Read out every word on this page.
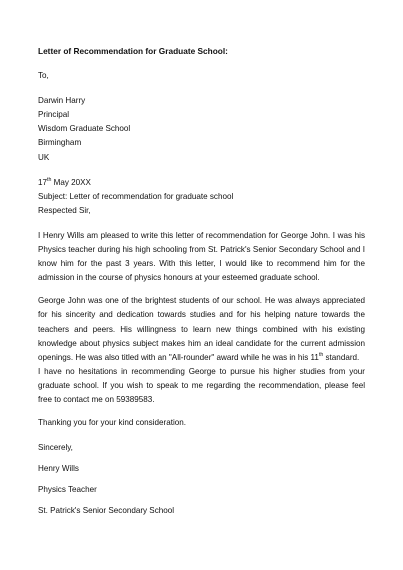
Letter of Recommendation for Graduate School:
To,
Darwin Harry
Principal
Wisdom Graduate School
Birmingham
UK
17th May 20XX
Subject: Letter of recommendation for graduate school
Respected Sir,

I Henry Wills am pleased to write this letter of recommendation for George John. I was his Physics teacher during his high schooling from St. Patrick's Senior Secondary School and I know him for the past 3 years. With this letter, I would like to recommend him for the admission in the course of physics honours at your esteemed graduate school.

George John was one of the brightest students of our school. He was always appreciated for his sincerity and dedication towards studies and for his helping nature towards the teachers and peers. His willingness to learn new things combined with his existing knowledge about physics subject makes him an ideal candidate for the current admission openings. He was also titled with an "All-rounder" award while he was in his 11th standard.

I have no hesitations in recommending George to pursue his higher studies from your graduate school. If you wish to speak to me regarding the recommendation, please feel free to contact me on 59389583.

Thanking you for your kind consideration.
Sincerely,
Henry Wills
Physics Teacher
St. Patrick's Senior Secondary School
